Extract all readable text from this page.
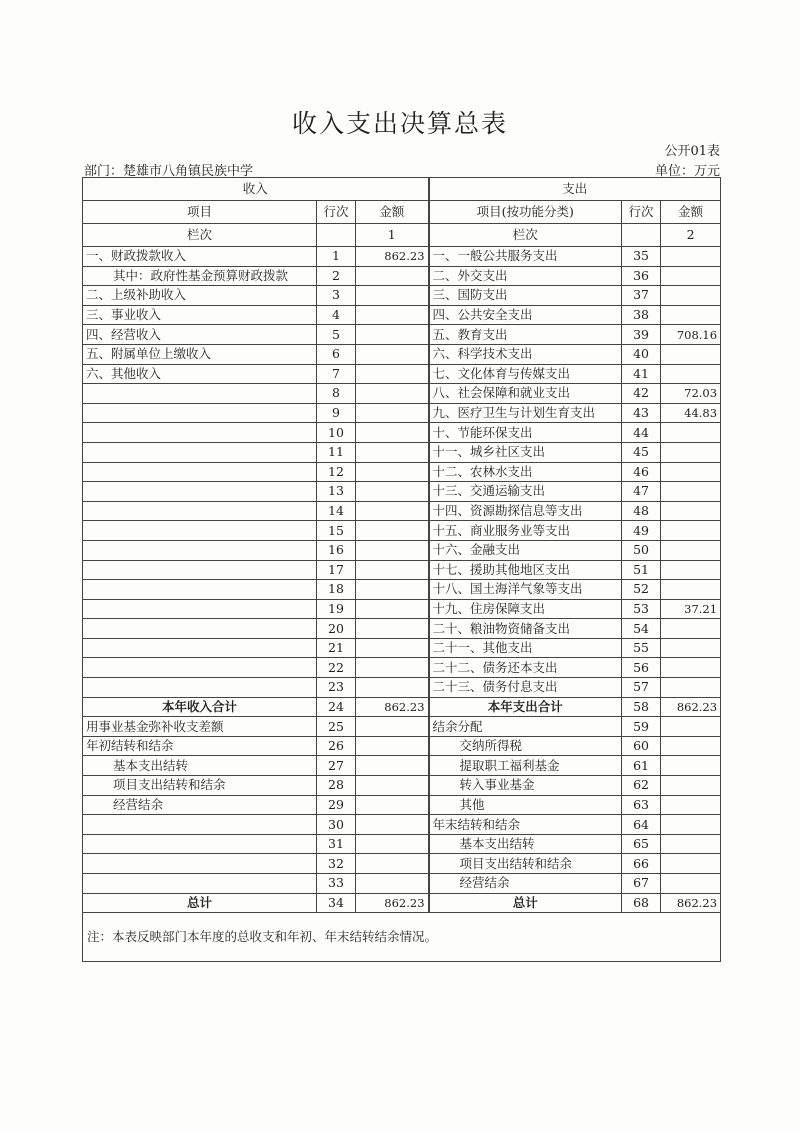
收入支出决算总表
公开01表
部门：楚雄市八角镇民族中学	单位：万元
收入			支出		
项目	行次	金额	项目(按功能分类)	行次	金额
栏次		1	栏次		2
一、财政拨款收入	1	862.23	一、一般公共服务支出	35	
其中：政府性基金预算财政拨款	2		二、外交支出	36	
二、上级补助收入	3		三、国防支出	37	
三、事业收入	4		四、公共安全支出	38	
四、经营收入	5		五、教育支出	39	708.16
五、附属单位上缴收入	6		六、科学技术支出	40	
六、其他收入	7		七、文化体育与传媒支出	41	
	8		八、社会保障和就业支出	42	72.03
	9		九、医疗卫生与计划生育支出	43	44.83
	10		十、节能环保支出	44	
	11		十一、城乡社区支出	45	
	12		十二、农林水支出	46	
	13		十三、交通运输支出	47	
	14		十四、资源勘探信息等支出	48	
	15		十五、商业服务业等支出	49	
	16		十六、金融支出	50	
	17		十七、援助其他地区支出	51	
	18		十八、国土海洋气象等支出	52	
	19		十九、住房保障支出	53	37.21
	20		二十、粮油物资储备支出	54	
	21		二十一、其他支出	55	
	22		二十二、债务还本支出	56	
	23		二十三、债务付息支出	57	
本年收入合计	24	862.23	本年支出合计	58	862.23
用事业基金弥补收支差额	25		结余分配	59	
年初结转和结余	26		交纳所得税	60	
基本支出结转	27		提取职工福利基金	61	
项目支出结转和结余	28		转入事业基金	62	
经营结余	29		其他	63	
	30		年末结转和结余	64	
	31		基本支出结转	65	
	32		项目支出结转和结余	66	
	33		经营结余	67	
总计	34	862.23	总计	68	862.23
注：本表反映部门本年度的总收支和年初、年末结转结余情况。					
